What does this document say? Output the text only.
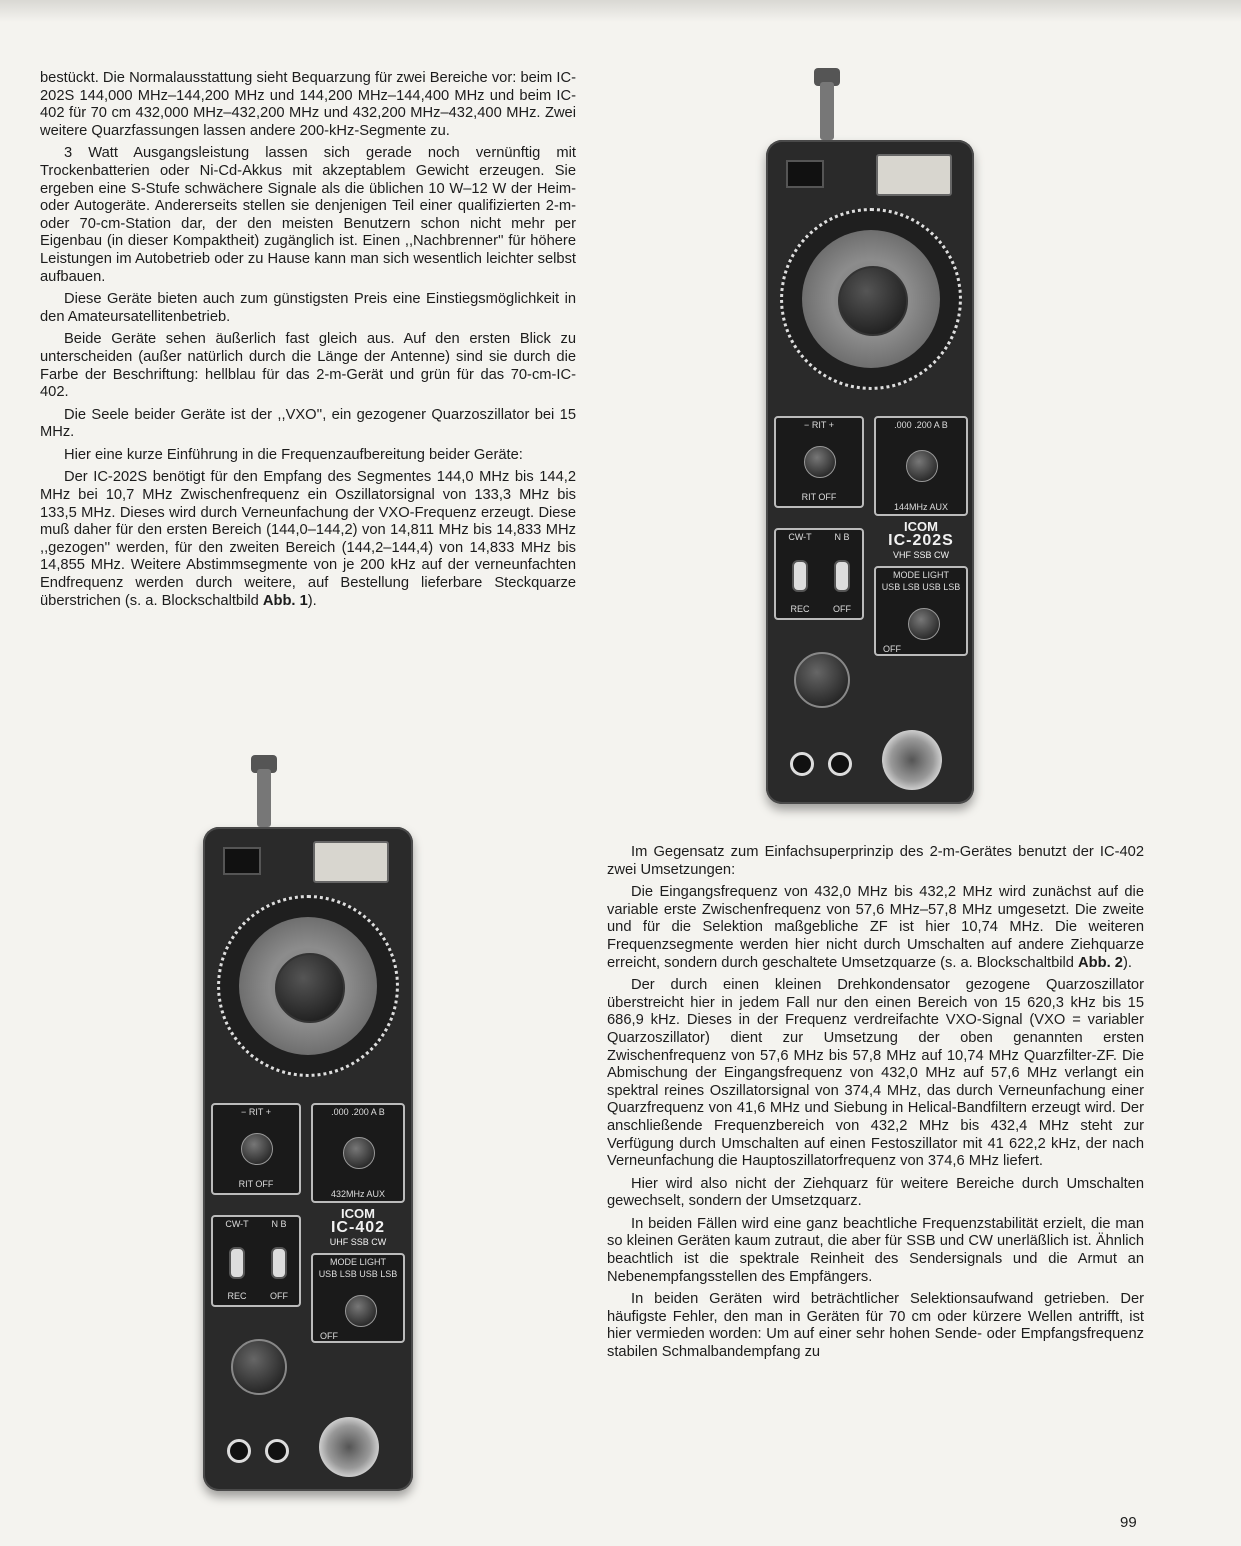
bestückt. Die Normalausstattung sieht Bequarzung für zwei Bereiche vor: beim IC-202S 144,000 MHz–144,200 MHz und 144,200 MHz–144,400 MHz und beim IC-402 für 70 cm 432,000 MHz–432,200 MHz und 432,200 MHz–432,400 MHz. Zwei weitere Quarzfassungen lassen andere 200-kHz-Segmente zu.

3 Watt Ausgangsleistung lassen sich gerade noch vernünftig mit Trockenbatterien oder Ni-Cd-Akkus mit akzeptablem Gewicht erzeugen. Sie ergeben eine S-Stufe schwächere Signale als die üblichen 10 W–12 W der Heim- oder Autogeräte. Andererseits stellen sie denjenigen Teil einer qualifizierten 2-m- oder 70-cm-Station dar, der den meisten Benutzern schon nicht mehr per Eigenbau (in dieser Kompaktheit) zugänglich ist. Einen ,,Nachbrenner'' für höhere Leistungen im Autobetrieb oder zu Hause kann man sich wesentlich leichter selbst aufbauen.

Diese Geräte bieten auch zum günstigsten Preis eine Einstiegsmöglichkeit in den Amateursatellitenbetrieb.

Beide Geräte sehen äußerlich fast gleich aus. Auf den ersten Blick zu unterscheiden (außer natürlich durch die Länge der Antenne) sind sie durch die Farbe der Beschriftung: hellblau für das 2-m-Gerät und grün für das 70-cm-IC-402.

Die Seele beider Geräte ist der ,,VXO'', ein gezogener Quarzoszillator bei 15 MHz.

Hier eine kurze Einführung in die Frequenzaufbereitung beider Geräte:

Der IC-202S benötigt für den Empfang des Segmentes 144,0 MHz bis 144,2 MHz bei 10,7 MHz Zwischenfrequenz ein Oszillatorsignal von 133,3 MHz bis 133,5 MHz. Dieses wird durch Verneunfachung der VXO-Frequenz erzeugt. Diese muß daher für den ersten Bereich (144,0–144,2) von 14,811 MHz bis 14,833 MHz ,,gezogen'' werden, für den zweiten Bereich (144,2–144,4) von 14,833 MHz bis 14,855 MHz. Weitere Abstimmsegmente von je 200 kHz auf der verneunfachten Endfrequenz werden durch weitere, auf Bestellung lieferbare Steckquarze überstrichen (s. a. Blockschaltbild Abb. 1).

Im Gegensatz zum Einfachsuperprinzip des 2-m-Gerätes benutzt der IC-402 zwei Umsetzungen:

Die Eingangsfrequenz von 432,0 MHz bis 432,2 MHz wird zunächst auf die variable erste Zwischenfrequenz von 57,6 MHz–57,8 MHz umgesetzt. Die zweite und für die Selektion maßgebliche ZF ist hier 10,74 MHz. Die weiteren Frequenzsegmente werden hier nicht durch Umschalten auf andere Ziehquarze erreicht, sondern durch geschaltete Umsetzquarze (s. a. Blockschaltbild Abb. 2).

Der durch einen kleinen Drehkondensator gezogene Quarzoszillator überstreicht hier in jedem Fall nur den einen Bereich von 15 620,3 kHz bis 15 686,9 kHz. Dieses in der Frequenz verdreifachte VXO-Signal (VXO = variabler Quarzoszillator) dient zur Umsetzung der oben genannten ersten Zwischenfrequenz von 57,6 MHz bis 57,8 MHz auf 10,74 MHz Quarzfilter-ZF. Die Abmischung der Eingangsfrequenz von 432,0 MHz auf 57,6 MHz verlangt ein spektral reines Oszillatorsignal von 374,4 MHz, das durch Verneunfachung einer Quarzfrequenz von 41,6 MHz und Siebung in Helical-Bandfiltern erzeugt wird. Der anschließende Frequenzbereich von 432,2 MHz bis 432,4 MHz steht zur Verfügung durch Umschalten auf einen Festoszillator mit 41 622,2 kHz, der nach Verneunfachung die Hauptoszillatorfrequenz von 374,6 MHz liefert.

Hier wird also nicht der Ziehquarz für weitere Bereiche durch Umschalten gewechselt, sondern der Umsetzquarz.

In beiden Fällen wird eine ganz beachtliche Frequenzstabilität erzielt, die man so kleinen Geräten kaum zutraut, die aber für SSB und CW unerläßlich ist. Ähnlich beachtlich ist die spektrale Reinheit des Sendersignals und die Armut an Nebenempfangsstellen des Empfängers.

In beiden Geräten wird beträchtlicher Selektionsaufwand getrieben. Der häufigste Fehler, den man in Geräten für 70 cm oder kürzere Wellen antrifft, ist hier vermieden worden: Um auf einer sehr hohen Sende- oder Empfangsfrequenz stabilen Schmalbandempfang zu

− RIT +
RIT OFF
CW-T	N B
REC	OFF
.000 .200 A B
144MHz AUX
ICOM
IC-202S
VHF SSB CW
MODE LIGHT
USB LSB USB LSB
OFF
− RIT +
RIT OFF
CW-T	N B
REC	OFF
.000 .200 A B
432MHz AUX
ICOM
IC-402
UHF SSB CW
MODE LIGHT
USB LSB USB LSB
OFF
99
